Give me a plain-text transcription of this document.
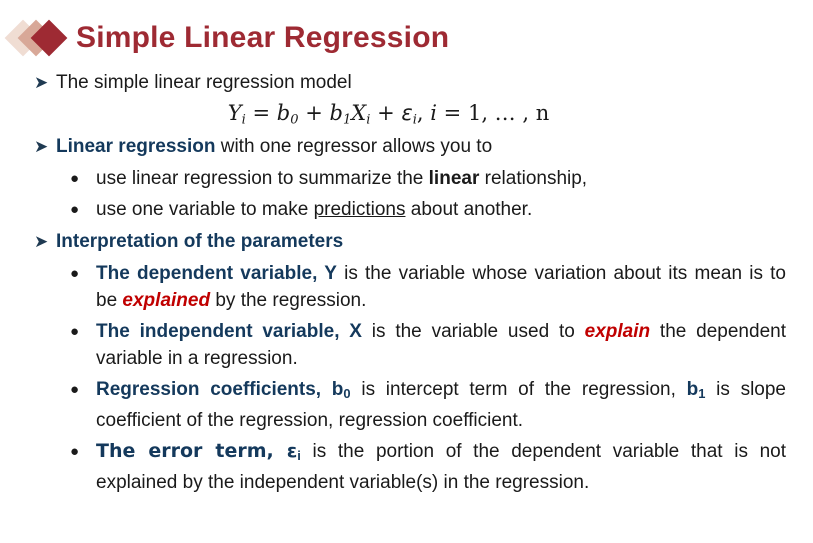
Simple Linear Regression
➤ The simple linear regression model
$Y_i = b_0 + b_1X_i + \varepsilon_i$, i = 1, … , n
➤ Linear regression with one regressor allows you to
● use linear regression to summarize the linear relationship,
● use one variable to make predictions about another.
➤ Interpretation of the parameters
● The dependent variable, Y is the variable whose variation about its mean is to be explained by the regression.
● The independent variable, X is the variable used to explain the dependent variable in a regression.
● Regression coefficients, $b_0$ is intercept term of the regression, $b_1$ is slope coefficient of the regression, regression coefficient.
● The error term, $\varepsilon_i$ is the portion of the dependent variable that is not explained by the independent variable(s) in the regression.
